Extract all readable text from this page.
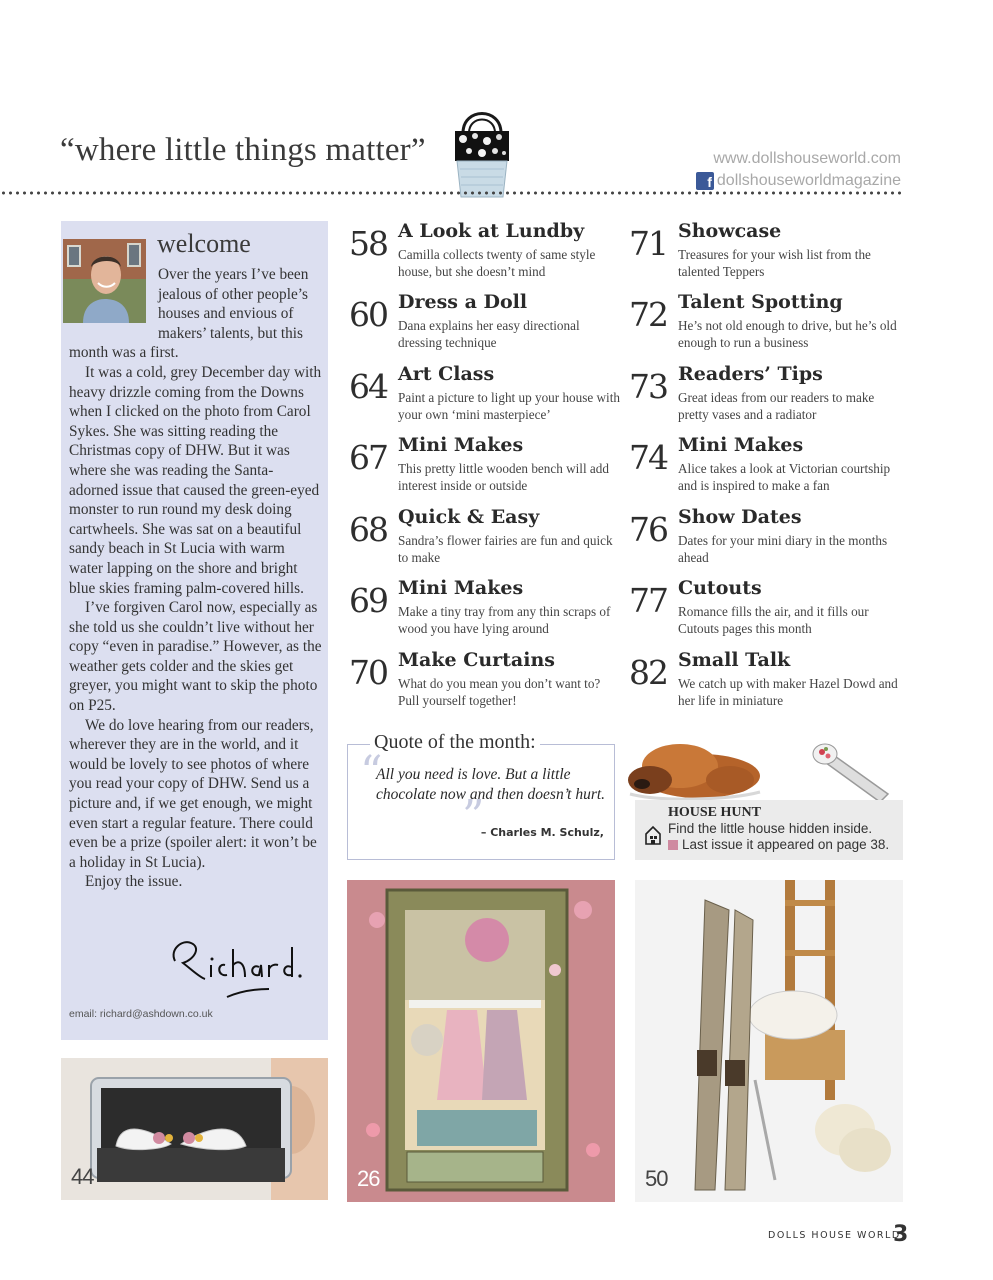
“where little things matter”	www.dollshouseworld.com
f dollshouseworldmagazine
welcome

Over the years I’ve been jealous of other people’s houses and envious of makers’ talents, but this month was a first.

It was a cold, grey December day with heavy drizzle coming from the Downs when I clicked on the photo from Carol Sykes. She was sitting reading the Christmas copy of DHW. But it was where she was reading the Santa-adorned issue that caused the green-eyed monster to run round my desk doing cartwheels. She was sat on a beautiful sandy beach in St Lucia with warm water lapping on the shore and bright blue skies framing palm-covered hills.

I’ve forgiven Carol now, especially as she told us she couldn’t live without her copy “even in paradise.” However, as the weather gets colder and the skies get greyer, you might want to skip the photo on P25.

We do love hearing from our readers, wherever they are in the world, and it would be lovely to see photos of where you read your copy of DHW. Send us a picture and, if we get enough, we might even start a regular feature. There could even be a prize (spoiler alert: it won’t be a holiday in St Lucia).

Enjoy the issue.

email: richard@ashdown.co.uk
58 A Look at Lundby
Camilla collects twenty of same style house, but she doesn’t mind
60 Dress a Doll
Dana explains her easy directional dressing technique
64 Art Class
Paint a picture to light up your house with your own ‘mini masterpiece’
67 Mini Makes
This pretty little wooden bench will add interest inside or outside
68 Quick & Easy
Sandra’s flower fairies are fun and quick to make
69 Mini Makes
Make a tiny tray from any thin scraps of wood you have lying around
70 Make Curtains
What do you mean you don’t want to? Pull yourself together!
71 Showcase
Treasures for your wish list from the talented Teppers
72 Talent Spotting
He’s not old enough to drive, but he’s old enough to run a business
73 Readers’ Tips
Great ideas from our readers to make pretty vases and a radiator
74 Mini Makes
Alice takes a look at Victorian courtship and is inspired to make a fan
76 Show Dates
Dates for your mini diary in the months ahead
77 Cutouts
Romance fills the air, and it fills our Cutouts pages this month
82 Small Talk
We catch up with maker Hazel Dowd and her life in miniature
Quote of the month:
“
”
All you need is love. But a little chocolate now and then doesn’t hurt.
– Charles M. Schulz,
HOUSE HUNT
Find the little house hidden inside.
Last issue it appeared on page 38.
44	26	50
DOLLS HOUSE WORLD
3
